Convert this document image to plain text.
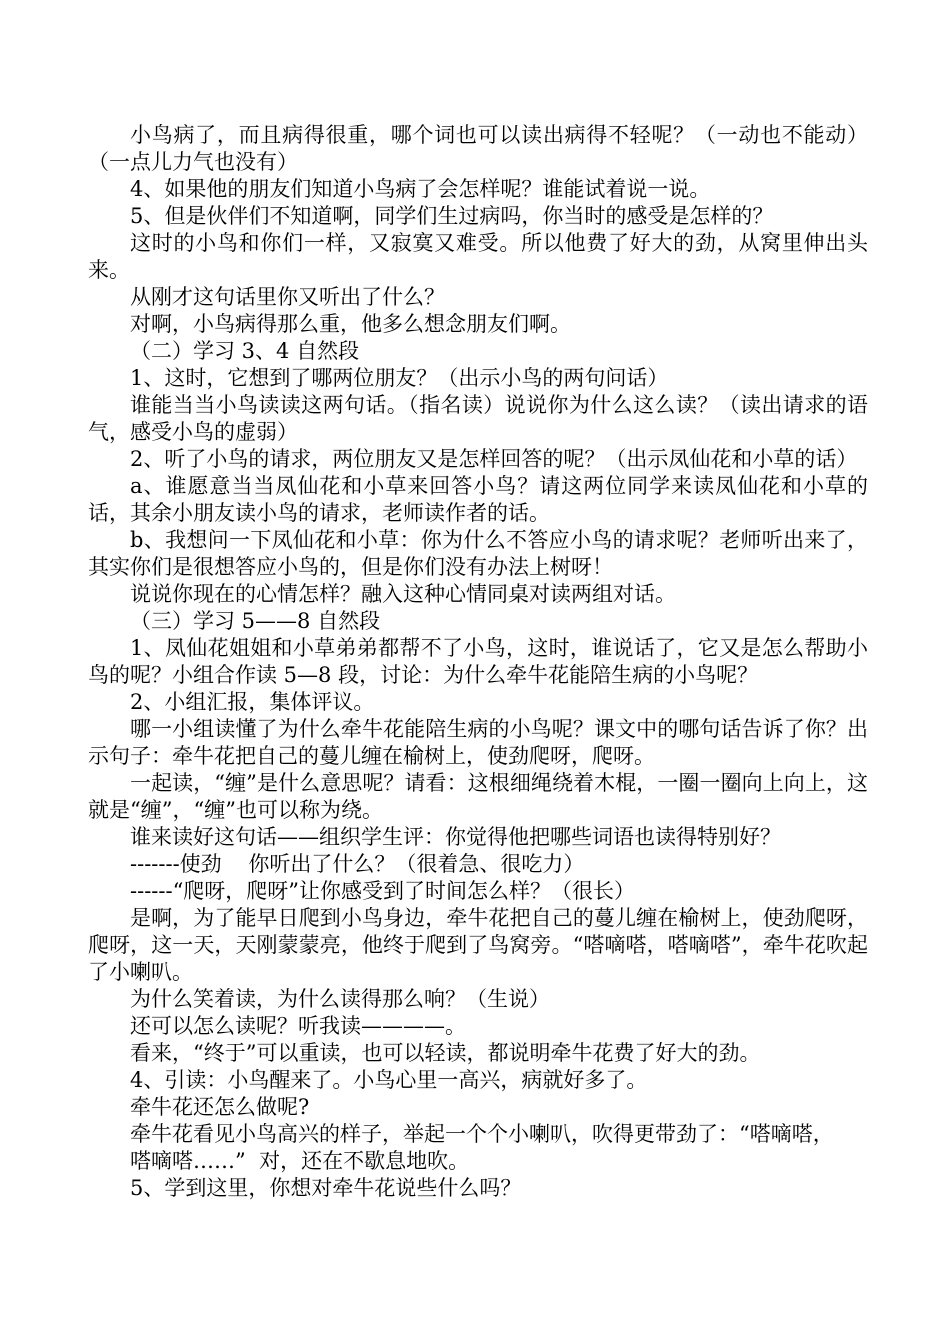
小鸟病了，而且病得很重，哪个词也可以读出病得不轻呢？（一动也不能动）（一点儿力气也没有）

4、如果他的朋友们知道小鸟病了会怎样呢？谁能试着说一说。

5、但是伙伴们不知道啊，同学们生过病吗，你当时的感受是怎样的？

这时的小鸟和你们一样，又寂寞又难受。所以他费了好大的劲，从窝里伸出头来。

从刚才这句话里你又听出了什么？

对啊，小鸟病得那么重，他多么想念朋友们啊。

（二）学习 3、4 自然段

1、这时，它想到了哪两位朋友？（出示小鸟的两句问话）

谁能当当小鸟读读这两句话。（指名读）说说你为什么这么读？（读出请求的语气，感受小鸟的虚弱）

2、听了小鸟的请求，两位朋友又是怎样回答的呢？（出示凤仙花和小草的话）

a、谁愿意当当凤仙花和小草来回答小鸟？请这两位同学来读凤仙花和小草的话，其余小朋友读小鸟的请求，老师读作者的话。

b、我想问一下凤仙花和小草：你为什么不答应小鸟的请求呢？老师听出来了，其实你们是很想答应小鸟的，但是你们没有办法上树呀！

说说你现在的心情怎样？融入这种心情同桌对读两组对话。

（三）学习 5——8 自然段

1、凤仙花姐姐和小草弟弟都帮不了小鸟，这时，谁说话了，它又是怎么帮助小鸟的呢？小组合作读 5—8 段，讨论：为什么牵牛花能陪生病的小鸟呢？

2、小组汇报，集体评议。

哪一小组读懂了为什么牵牛花能陪生病的小鸟呢？课文中的哪句话告诉了你？出示句子：牵牛花把自己的蔓儿缠在榆树上，使劲爬呀，爬呀。

一起读，“缠”是什么意思呢？请看：这根细绳绕着木棍，一圈一圈向上向上，这就是“缠”，“缠”也可以称为绕。

谁来读好这句话——组织学生评：你觉得他把哪些词语也读得特别好？

-------使劲    你听出了什么？（很着急、很吃力）

------“爬呀，爬呀”让你感受到了时间怎么样？（很长）

是啊，为了能早日爬到小鸟身边，牵牛花把自己的蔓儿缠在榆树上，使劲爬呀，爬呀，这一天，天刚蒙蒙亮，他终于爬到了鸟窝旁。“嗒嘀嗒，嗒嘀嗒”，牵牛花吹起了小喇叭。

为什么笑着读，为什么读得那么响？（生说）

还可以怎么读呢？听我读————。

看来，“终于”可以重读，也可以轻读，都说明牵牛花费了好大的劲。

4、引读：小鸟醒来了。小鸟心里一高兴，病就好多了。

牵牛花还怎么做呢?

牵牛花看见小鸟高兴的样子，举起一个个小喇叭，吹得更带劲了：“嗒嘀嗒，

嗒嘀嗒……”  对，还在不歇息地吹。

5、学到这里，你想对牵牛花说些什么吗？
